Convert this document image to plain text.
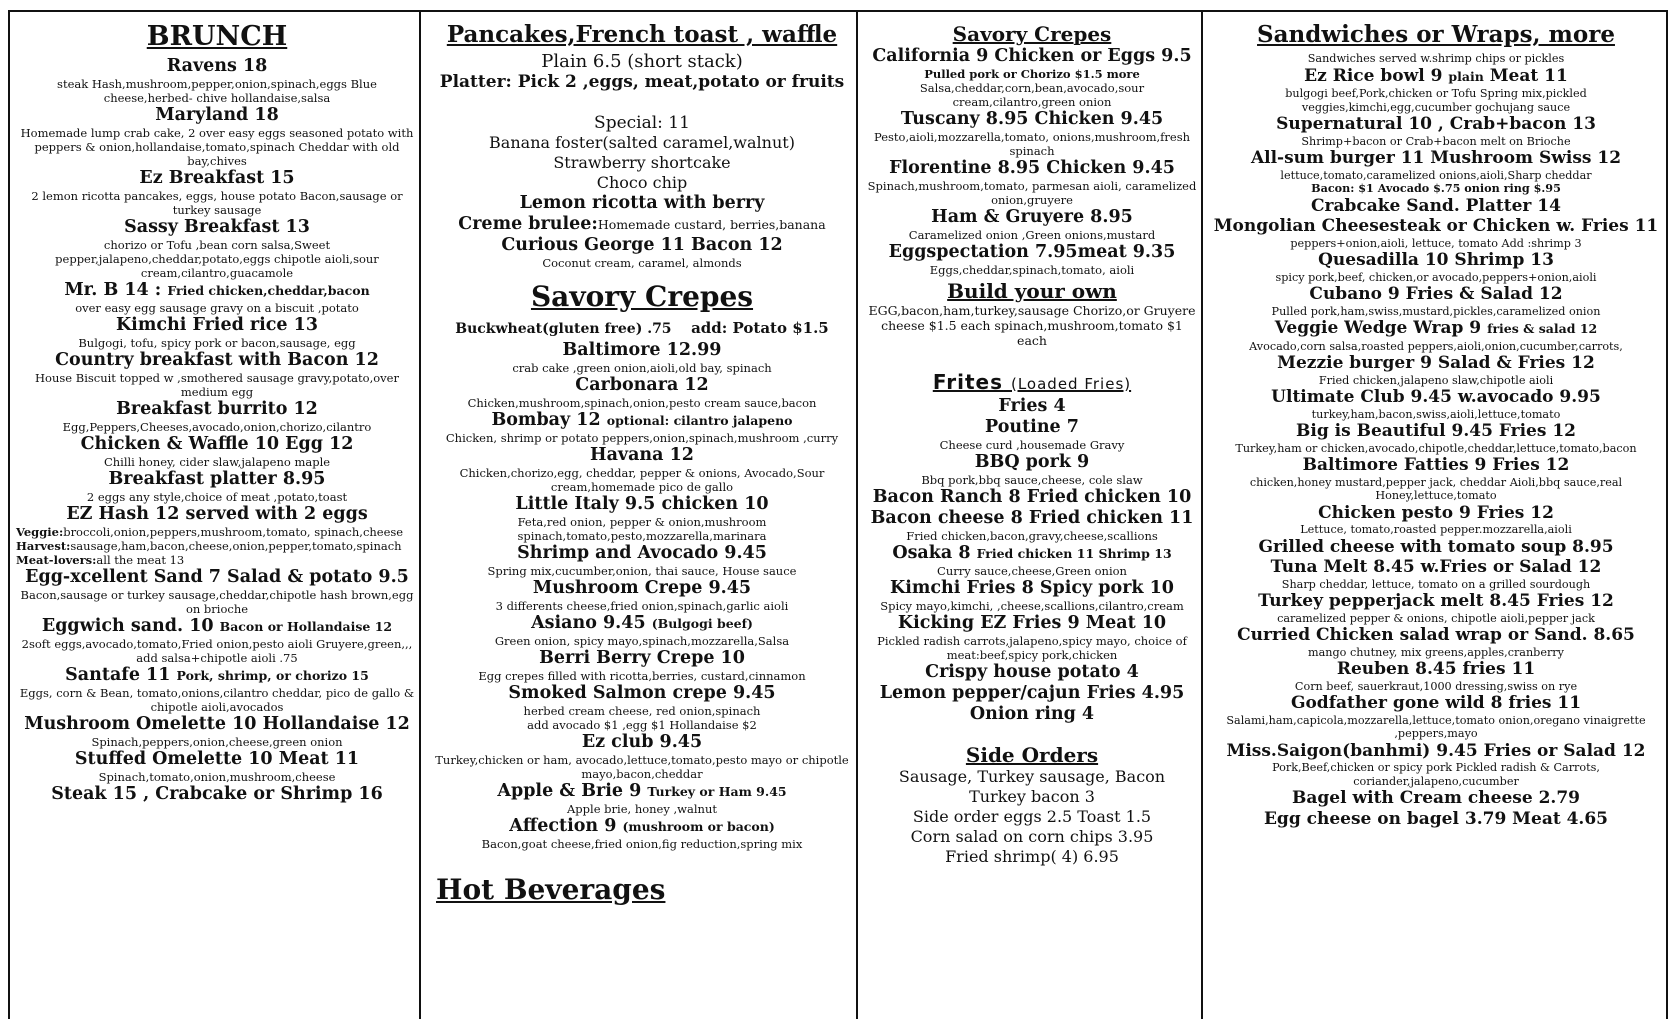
BRUNCH

Ravens 18

steak Hash,mushroom,pepper,onion,spinach,eggs Blue cheese,herbed- chive hollandaise,salsa

Maryland 18

Homemade lump crab cake, 2 over easy eggs seasoned potato with peppers & onion,hollandaise,tomato,spinach Cheddar with old bay,chives

Ez Breakfast 15

2 lemon ricotta pancakes, eggs, house potato Bacon,sausage or turkey sausage

Sassy Breakfast 13

chorizo or Tofu ,bean corn salsa,Sweet pepper,jalapeno,cheddar,potato,eggs chipotle aioli,sour cream,cilantro,guacamole

Mr. B 14 : Fried chicken,cheddar,bacon

over easy egg sausage gravy on a biscuit ,potato

Kimchi Fried rice 13

Bulgogi, tofu, spicy pork or bacon,sausage, egg

Country breakfast with Bacon 12

House Biscuit topped w ,smothered sausage gravy,potato,over medium egg

Breakfast burrito 12

Egg,Peppers,Cheeses,avocado,onion,chorizo,cilantro

Chicken & Waffle 10 Egg 12

Chilli honey, cider slaw,jalapeno maple

Breakfast platter 8.95

2 eggs any style,choice of meat ,potato,toast

EZ Hash 12 served with 2 eggs

Veggie:broccoli,onion,peppers,mushroom,tomato, spinach,cheese

Harvest:sausage,ham,bacon,cheese,onion,pepper,tomato,spinach

Meat-lovers:all the meat 13

Egg-xcellent Sand 7 Salad & potato 9.5

Bacon,sausage or turkey sausage,cheddar,chipotle hash brown,egg on brioche

Eggwich sand. 10 Bacon or Hollandaise 12

2soft eggs,avocado,tomato,Fried onion,pesto aioli Gruyere,green,,, add salsa+chipotle aioli .75

Santafe 11 Pork, shrimp, or chorizo 15

Eggs, corn & Bean, tomato,onions,cilantro cheddar, pico de gallo & chipotle aioli,avocados

Mushroom Omelette 10 Hollandaise 12

Spinach,peppers,onion,cheese,green onion

Stuffed Omelette 10 Meat 11

Spinach,tomato,onion,mushroom,cheese

Steak 15 , Crabcake or Shrimp 16

Pancakes,French toast , waffle

Plain 6.5 (short stack)

Platter: Pick 2 ,eggs, meat,potato or fruits

Special: 11

Banana foster(salted caramel,walnut)

Strawberry shortcake

Choco chip

Lemon ricotta with berry

Creme brulee:Homemade custard, berries,banana

Curious George 11 Bacon 12

Coconut cream, caramel, almonds

Savory Crepes

Buckwheat(gluten free) .75 add: Potato $1.5

Baltimore 12.99

crab cake ,green onion,aioli,old bay, spinach

Carbonara 12

Chicken,mushroom,spinach,onion,pesto cream sauce,bacon

Bombay 12 optional: cilantro jalapeno

Chicken, shrimp or potato peppers,onion,spinach,mushroom ,curry

Havana 12

Chicken,chorizo,egg, cheddar, pepper & onions, Avocado,Sour cream,homemade pico de gallo

Little Italy 9.5 chicken 10

Feta,red onion, pepper & onion,mushroom spinach,tomato,pesto,mozzarella,marinara

Shrimp and Avocado 9.45

Spring mix,cucumber,onion, thai sauce, House sauce

Mushroom Crepe 9.45

3 differents cheese,fried onion,spinach,garlic aioli

Asiano 9.45 (Bulgogi beef)

Green onion, spicy mayo,spinach,mozzarella,Salsa

Berri Berry Crepe 10

Egg crepes filled with ricotta,berries, custard,cinnamon

Smoked Salmon crepe 9.45

herbed cream cheese, red onion,spinach

add avocado $1 ,egg $1 Hollandaise $2

Ez club 9.45

Turkey,chicken or ham, avocado,lettuce,tomato,pesto mayo or chipotle mayo,bacon,cheddar

Apple & Brie 9 Turkey or Ham 9.45

Apple brie, honey ,walnut

Affection 9 (mushroom or bacon)

Bacon,goat cheese,fried onion,fig reduction,spring mix

Hot Beverages
Savory Crepes

California 9 Chicken or Eggs 9.5

Pulled pork or Chorizo $1.5 more

Salsa,cheddar,corn,bean,avocado,sour cream,cilantro,green onion

Tuscany 8.95 Chicken 9.45

Pesto,aioli,mozzarella,tomato, onions,mushroom,fresh spinach

Florentine 8.95 Chicken 9.45

Spinach,mushroom,tomato, parmesan aioli, caramelized onion,gruyere

Ham & Gruyere 8.95

Caramelized onion ,Green onions,mustard

Eggspectation 7.95meat 9.35

Eggs,cheddar,spinach,tomato, aioli

Build your own

EGG,bacon,ham,turkey,sausage Chorizo,or Gruyere cheese $1.5 each spinach,mushroom,tomato $1 each

Frites (Loaded Fries)

Fries 4

Poutine 7

Cheese curd ,housemade Gravy

BBQ pork 9

Bbq pork,bbq sauce,cheese, cole slaw

Bacon Ranch 8 Fried chicken 10

Bacon cheese 8 Fried chicken 11

Fried chicken,bacon,gravy,cheese,scallions

Osaka 8 Fried chicken 11 Shrimp 13

Curry sauce,cheese,Green onion

Kimchi Fries 8 Spicy pork 10

Spicy mayo,kimchi, ,cheese,scallions,cilantro,cream

Kicking EZ Fries 9 Meat 10

Pickled radish carrots,jalapeno,spicy mayo, choice of meat:beef,spicy pork,chicken

Crispy house potato 4

Lemon pepper/cajun Fries 4.95

Onion ring 4

Side Orders

Sausage, Turkey sausage, Bacon

Turkey bacon 3

Side order eggs 2.5 Toast 1.5

Corn salad on corn chips 3.95

Fried shrimp( 4) 6.95

Sandwiches or Wraps, more

Sandwiches served w.shrimp chips or pickles

Ez Rice bowl 9 plain Meat 11

bulgogi beef,Pork,chicken or Tofu Spring mix,pickled veggies,kimchi,egg,cucumber gochujang sauce

Supernatural 10 , Crab+bacon 13

Shrimp+bacon or Crab+bacon melt on Brioche

All-sum burger 11 Mushroom Swiss 12

lettuce,tomato,caramelized onions,aioli,Sharp cheddar

Bacon: $1 Avocado $.75 onion ring $.95

Crabcake Sand. Platter 14

Mongolian Cheesesteak or Chicken w. Fries 11

peppers+onion,aioli, lettuce, tomato Add :shrimp 3

Quesadilla 10 Shrimp 13

spicy pork,beef, chicken,or avocado,peppers+onion,aioli

Cubano 9 Fries & Salad 12

Pulled pork,ham,swiss,mustard,pickles,caramelized onion

Veggie Wedge Wrap 9 fries & salad 12

Avocado,corn salsa,roasted peppers,aioli,onion,cucumber,carrots,

Mezzie burger 9 Salad & Fries 12

Fried chicken,jalapeno slaw,chipotle aioli

Ultimate Club 9.45 w.avocado 9.95

turkey,ham,bacon,swiss,aioli,lettuce,tomato

Big is Beautiful 9.45 Fries 12

Turkey,ham or chicken,avocado,chipotle,cheddar,lettuce,tomato,bacon

Baltimore Fatties 9 Fries 12

chicken,honey mustard,pepper jack, cheddar Aioli,bbq sauce,real Honey,lettuce,tomato

Chicken pesto 9 Fries 12

Lettuce, tomato,roasted pepper.mozzarella,aioli

Grilled cheese with tomato soup 8.95

Tuna Melt 8.45 w.Fries or Salad 12

Sharp cheddar, lettuce, tomato on a grilled sourdough

Turkey pepperjack melt 8.45 Fries 12

caramelized pepper & onions, chipotle aioli,pepper jack

Curried Chicken salad wrap or Sand. 8.65

mango chutney, mix greens,apples,cranberry

Reuben 8.45 fries 11

Corn beef, sauerkraut,1000 dressing,swiss on rye

Godfather gone wild 8 fries 11

Salami,ham,capicola,mozzarella,lettuce,tomato onion,oregano vinaigrette ,peppers,mayo

Miss.Saigon(banhmi) 9.45 Fries or Salad 12

Pork,Beef,chicken or spicy pork Pickled radish & Carrots, coriander,jalapeno,cucumber

Bagel with Cream cheese 2.79

Egg cheese on bagel 3.79 Meat 4.65
